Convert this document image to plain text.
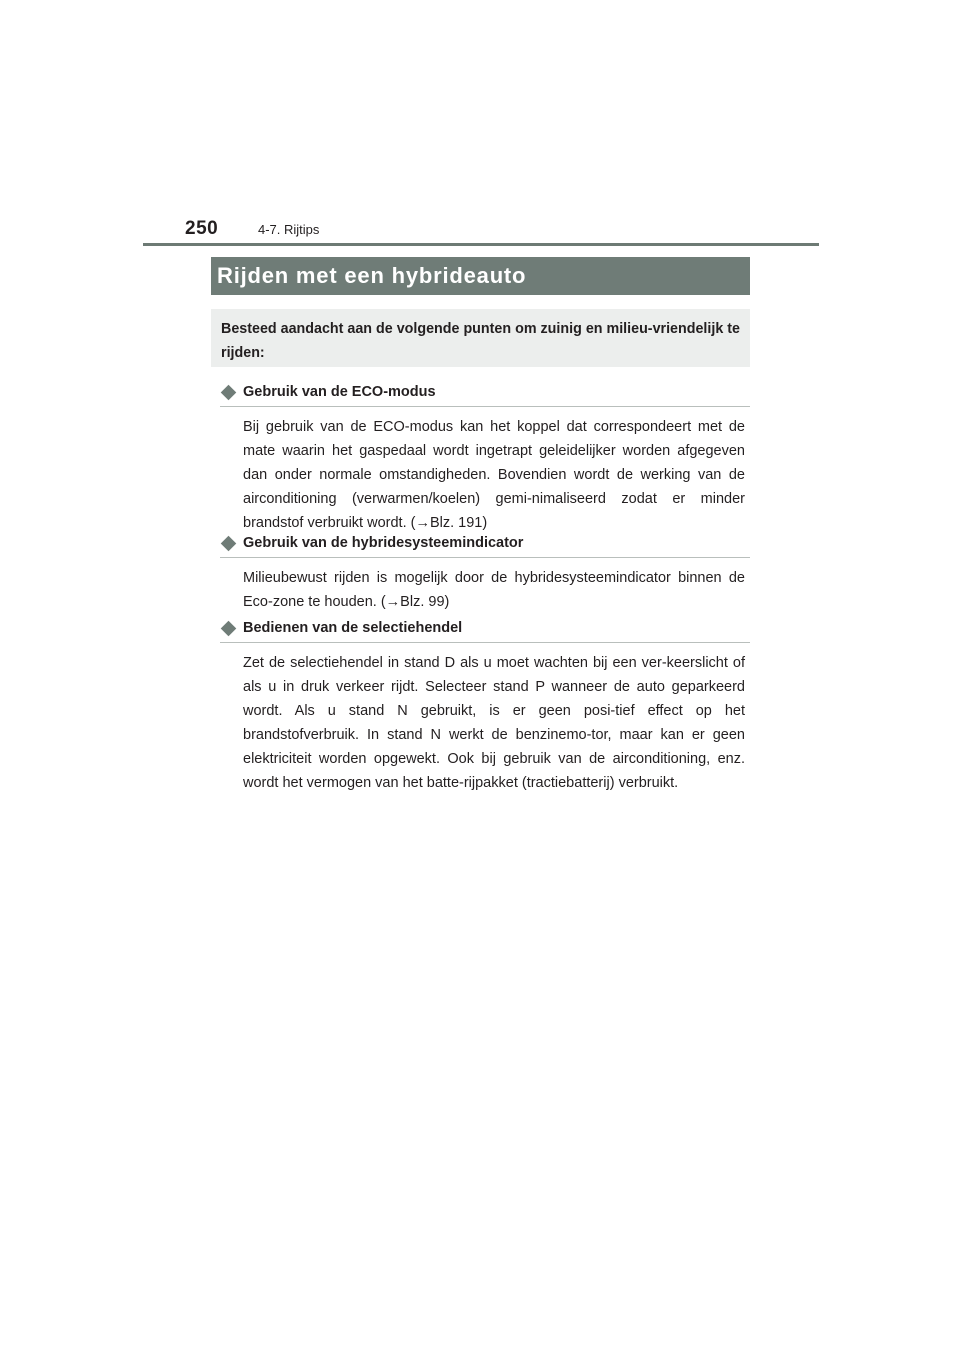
250	4-7. Rijtips
Rijden met een hybrideauto

Besteed aandacht aan de volgende punten om zuinig en milieu-vriendelijk te rijden:

Gebruik van de ECO-modus

Bij gebruik van de ECO-modus kan het koppel dat correspondeert met de mate waarin het gaspedaal wordt ingetrapt geleidelijker worden afgegeven dan onder normale omstandigheden. Bovendien wordt de werking van de airconditioning (verwarmen/koelen) gemi-nimaliseerd zodat er minder brandstof verbruikt wordt. (→Blz. 191)

Gebruik van de hybridesysteemindicator

Milieubewust rijden is mogelijk door de hybridesysteemindicator binnen de Eco-zone te houden. (→Blz. 99)

Bedienen van de selectiehendel

Zet de selectiehendel in stand D als u moet wachten bij een ver-keerslicht of als u in druk verkeer rijdt. Selecteer stand P wanneer de auto geparkeerd wordt. Als u stand N gebruikt, is er geen posi-tief effect op het brandstofverbruik. In stand N werkt de benzinemo-tor, maar kan er geen elektriciteit worden opgewekt. Ook bij gebruik van de airconditioning, enz. wordt het vermogen van het batte-rijpakket (tractiebatterij) verbruikt.
